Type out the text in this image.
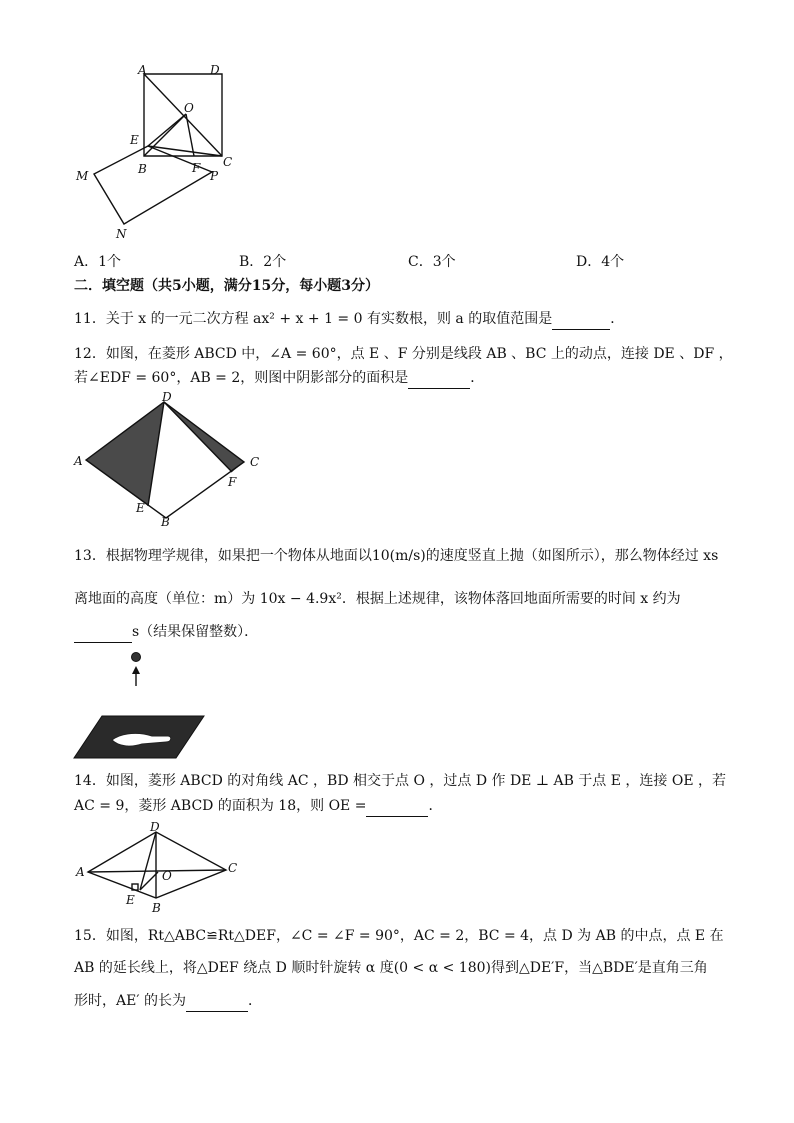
A	D
O
E
B	F C
P
M
N
A．1个	B．2个	C．3个	D．4个
二．填空题（共5小题，满分15分，每小题3分）
11．关于 x 的一元二次方程 ax² + x + 1 = 0 有实数根，则 a 的取值范围是	．
12．如图，在菱形 ABCD 中，∠A = 60°，点 E 、F 分别是线段 AB 、BC 上的动点，连接 DE 、DF ，
若∠EDF = 60°，AB = 2，则图中阴影部分的面积是	．
A
D
C
F
E
B
13．根据物理学规律，如果把一个物体从地面以10(m/s)的速度竖直上抛（如图所示），那么物体经过 xs
离地面的高度（单位：m）为 10x − 4.9x²．根据上述规律，该物体落回地面所需要的时间 x 约为
s（结果保留整数）．
14．如图，菱形 ABCD 的对角线 AC ，BD 相交于点 O ，过点 D 作 DE ⊥ AB 于点 E ，连接 OE ，若
AC = 9，菱形 ABCD 的面积为 18，则 OE =	．
A
D
C
O
E
B
15．如图，Rt△ABC≌Rt△DEF，∠C = ∠F = 90°，AC = 2，BC = 4，点 D 为 AB 的中点，点 E 在
AB 的延长线上，将△DEF 绕点 D 顺时针旋转 α 度(0 < α < 180)得到△DE′F，当△BDE′是直角三角
形时，AE′ 的长为	．
